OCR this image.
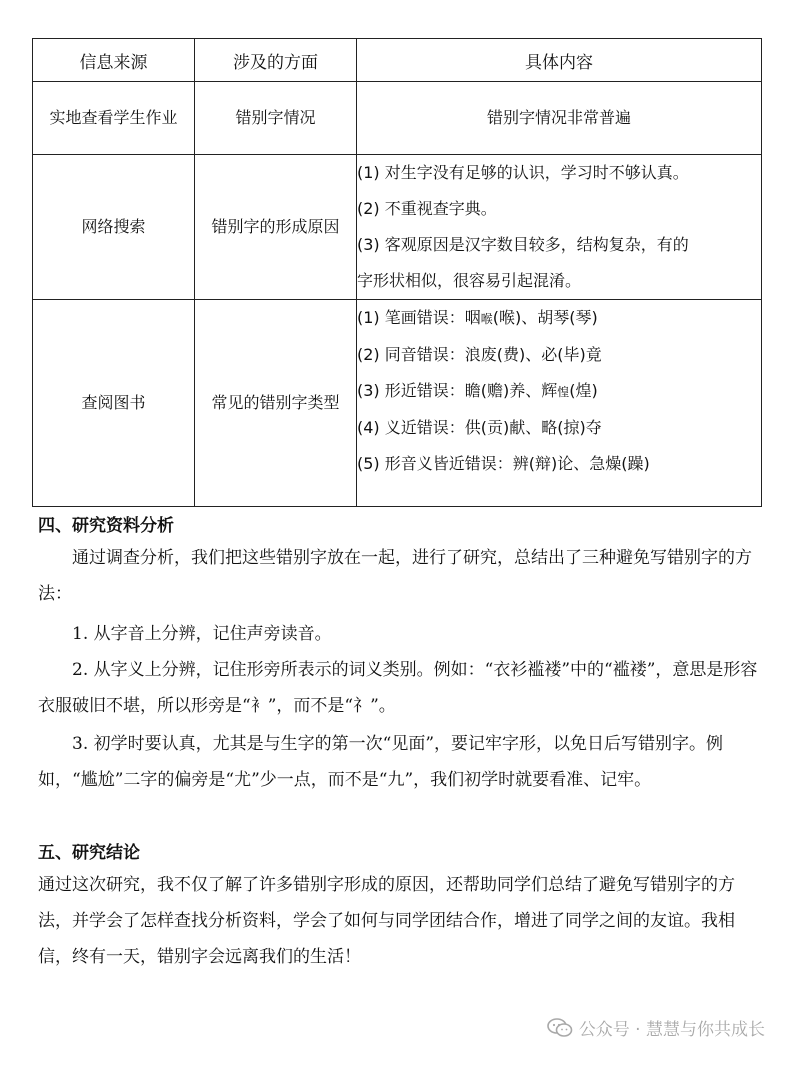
信息来源	涉及的方面	具体内容
实地查看学生作业	错别字情况	错别字情况非常普遍
网络搜索	错别字的形成原因	(1) 对生字没有足够的认识，学习时不够认真。
(2) 不重视查字典。
(3) 客观原因是汉字数目较多，结构复杂，有的
字形状相似，很容易引起混淆。

查阅图书	常见的错别字类型	(1) 笔画错误：咽喉(喉)、胡琴(琴)
(2) 同音错误：浪废(费)、必(毕)竟
(3) 形近错误：瞻(赡)养、辉惶(煌)
(4) 义近错误：供(贡)献、略(掠)夺
(5) 形音义皆近错误：辨(辩)论、急燥(躁)
四、研究资料分析

通过调查分析，我们把这些错别字放在一起，进行了研究，总结出了三种避免写错别字的方法：

1. 从字音上分辨，记住声旁读音。

2. 从字义上分辨，记住形旁所表示的词义类别。例如：“衣衫褴褛”中的“褴褛”，意思是形容衣服破旧不堪，所以形旁是“衤”，而不是“礻”。

3. 初学时要认真，尤其是与生字的第一次“见面”，要记牢字形，以免日后写错别字。例如，“尴尬”二字的偏旁是“尤”少一点，而不是“九”，我们初学时就要看准、记牢。

五、研究结论

通过这次研究，我不仅了解了许多错别字形成的原因，还帮助同学们总结了避免写错别字的方法，并学会了怎样查找分析资料，学会了如何与同学团结合作，增进了同学之间的友谊。我相信，终有一天，错别字会远离我们的生活！

公众号 · 慧慧与你共成长
